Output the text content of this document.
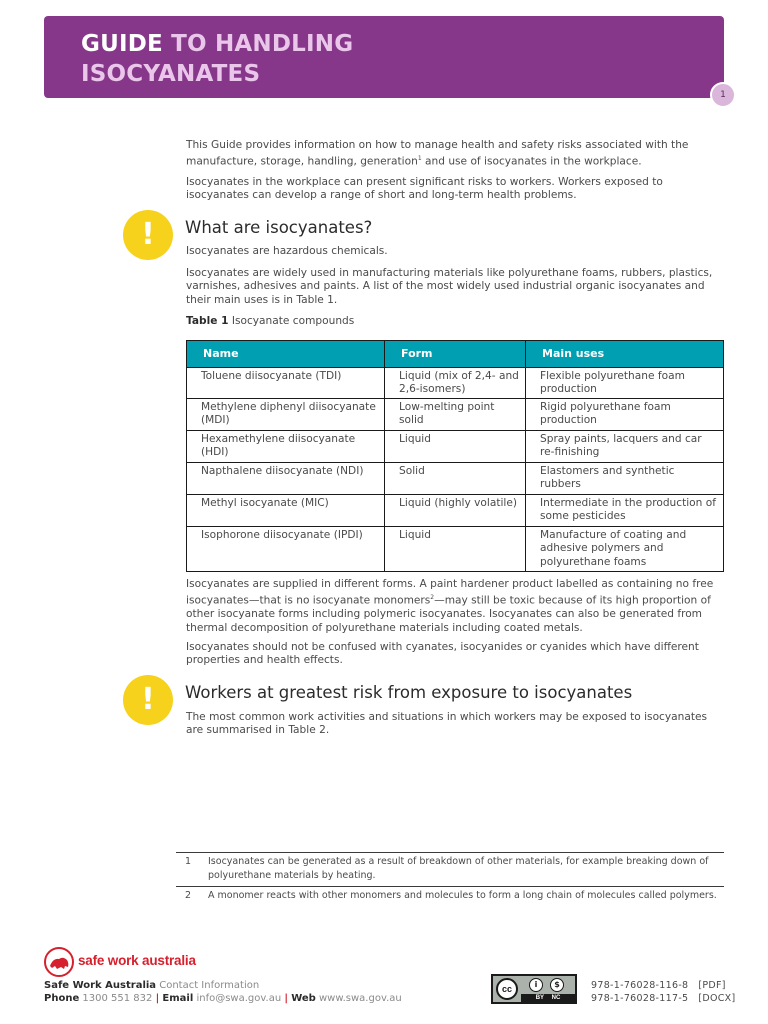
GUIDE TO HANDLING
ISOCYANATES
1

This Guide provides information on how to manage health and safety risks associated with the manufacture, storage, handling, generation$^1$ and use of isocyanates in the workplace.

Isocyanates in the workplace can present significant risks to workers. Workers exposed to isocyanates can develop a range of short and long-term health problems.

!	What are isocyanates?

Isocyanates are hazardous chemicals.

Isocyanates are widely used in manufacturing materials like polyurethane foams, rubbers, plastics, varnishes, adhesives and paints. A list of the most widely used industrial organic isocyanates and their main uses is in Table 1.

Table 1 Isocyanate compounds
Name	Form	Main uses
Toluene diisocyanate (TDI)	Liquid (mix of 2,4- and 2,6-isomers)	Flexible polyurethane foam production
Methylene diphenyl diisocyanate (MDI)	Low-melting point solid	Rigid polyurethane foam production
Hexamethylene diisocyanate (HDI)	Liquid	Spray paints, lacquers and car re-finishing
Napthalene diisocyanate (NDI)	Solid	Elastomers and synthetic rubbers
Methyl isocyanate (MIC)	Liquid (highly volatile)	Intermediate in the production of some pesticides
Isophorone diisocyanate (IPDI)	Liquid	Manufacture of coating and adhesive polymers and polyurethane foams

Isocyanates are supplied in different forms. A paint hardener product labelled as containing no free isocyanates—that is no isocyanate monomers$^2$—may still be toxic because of its high proportion of other isocyanate forms including polymeric isocyanates. Isocyanates can also be generated from thermal decomposition of polyurethane materials including coated metals.

Isocyanates should not be confused with cyanates, isocyanides or cyanides which have different properties and health effects.

!	Workers at greatest risk from exposure to isocyanates

The most common work activities and situations in which workers may be exposed to isocyanates are summarised in Table 2.

1 Isocyanates can be generated as a result of breakdown of other materials, for example breaking down of polyurethane materials by heating.
2 A monomer reacts with other monomers and molecules to form a long chain of molecules called polymers.
safe work australia
Safe Work Australia Contact Information
Phone 1300 551 832 | Email info@swa.gov.au | Web www.swa.gov.au
cc	i	$
BY NC
978-1-76028-116-8   [PDF]
978-1-76028-117-5   [DOCX]
